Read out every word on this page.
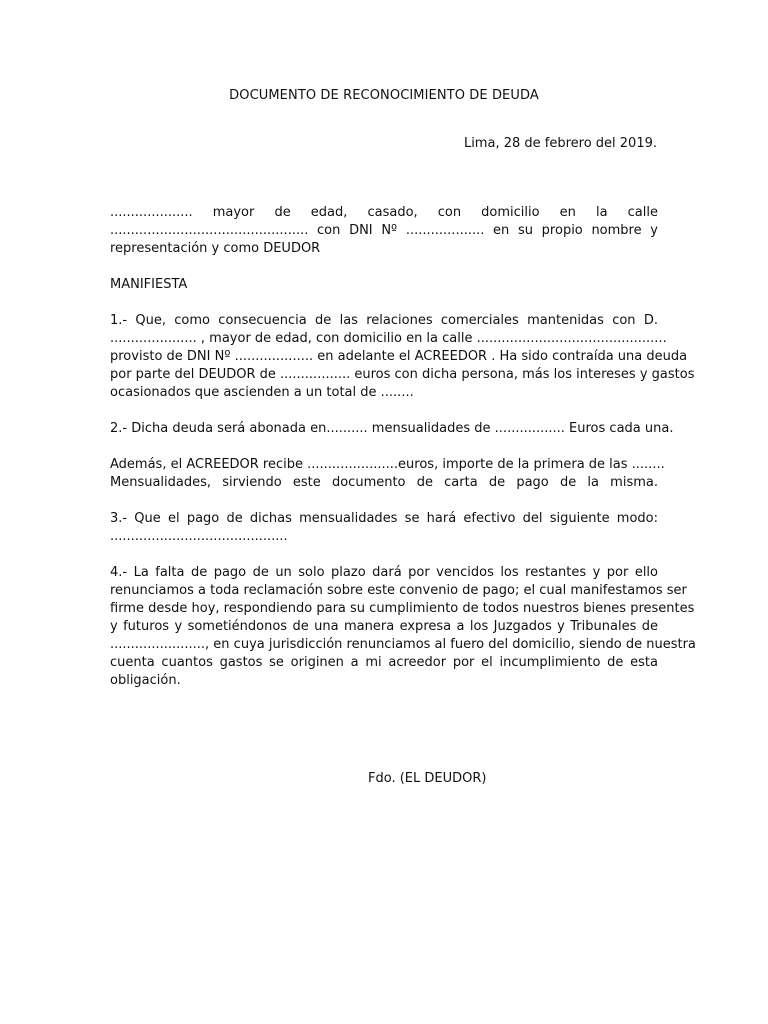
DOCUMENTO DE RECONOCIMIENTO DE DEUDA
Lima, 28 de febrero del 2019.
.................... mayor de edad, casado, con domicilio en la calle
................................................ con DNI Nº ................... en su propio nombre y
representación y como DEUDOR
MANIFIESTA
1.- Que, como consecuencia de las relaciones comerciales mantenidas con D.
..................... , mayor de edad, con domicilio en la calle ..............................................
provisto de DNI Nº ................... en adelante el ACREEDOR . Ha sido contraída una deuda
por parte del DEUDOR de ................. euros con dicha persona, más los intereses y gastos
ocasionados que ascienden a un total de ........
2.- Dicha deuda será abonada en.......... mensualidades de ................. Euros cada una.
Además, el ACREEDOR recibe ......................euros, importe de la primera de las ........
Mensualidades, sirviendo este documento de carta de pago de la misma.
3.- Que el pago de dichas mensualidades se hará efectivo del siguiente modo:
...........................................
4.- La falta de pago de un solo plazo dará por vencidos los restantes y por ello
renunciamos a toda reclamación sobre este convenio de pago; el cual manifestamos ser
firme desde hoy, respondiendo para su cumplimiento de todos nuestros bienes presentes
y futuros y sometiéndonos de una manera expresa a los Juzgados y Tribunales de
......................., en cuya jurisdicción renunciamos al fuero del domicilio, siendo de nuestra
cuenta cuantos gastos se originen a mi acreedor por el incumplimiento de esta
obligación.
Fdo. (EL DEUDOR)
